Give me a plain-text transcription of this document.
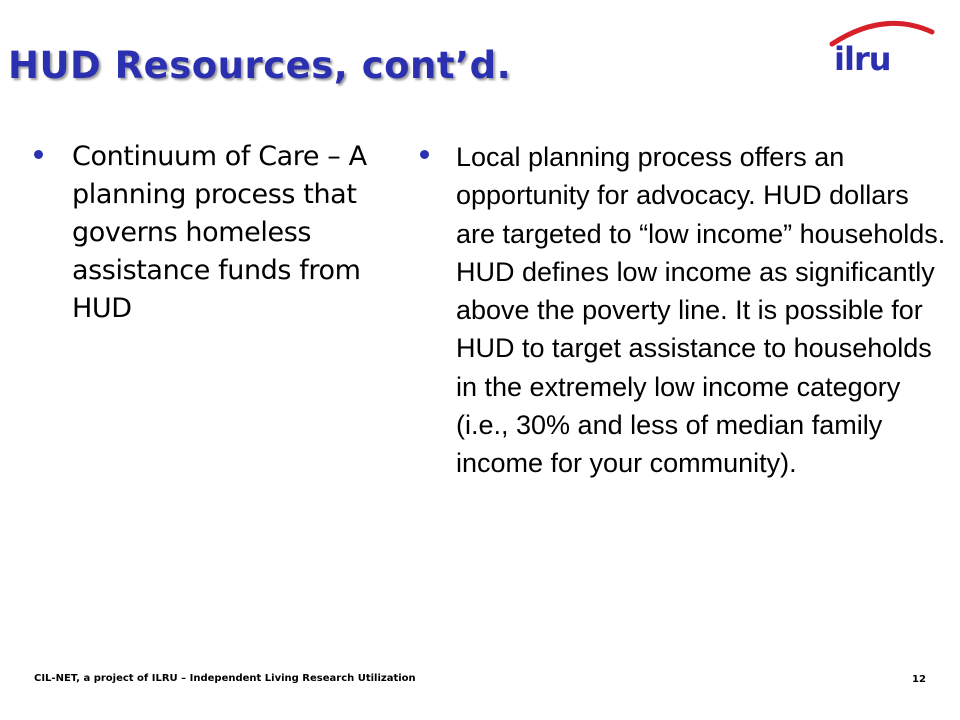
HUD Resources, cont’d.	ilru
Continuum of Care – A planning process that governs homeless assistance funds from HUD
Local planning process offers an opportunity for advocacy. HUD dollars are targeted to “low income” households. HUD defines low income as significantly above the poverty line. It is possible for HUD to target assistance to households in the extremely low income category (i.e., 30% and less of median family income for your community).
CIL-NET, a project of ILRU – Independent Living Research Utilization	12
